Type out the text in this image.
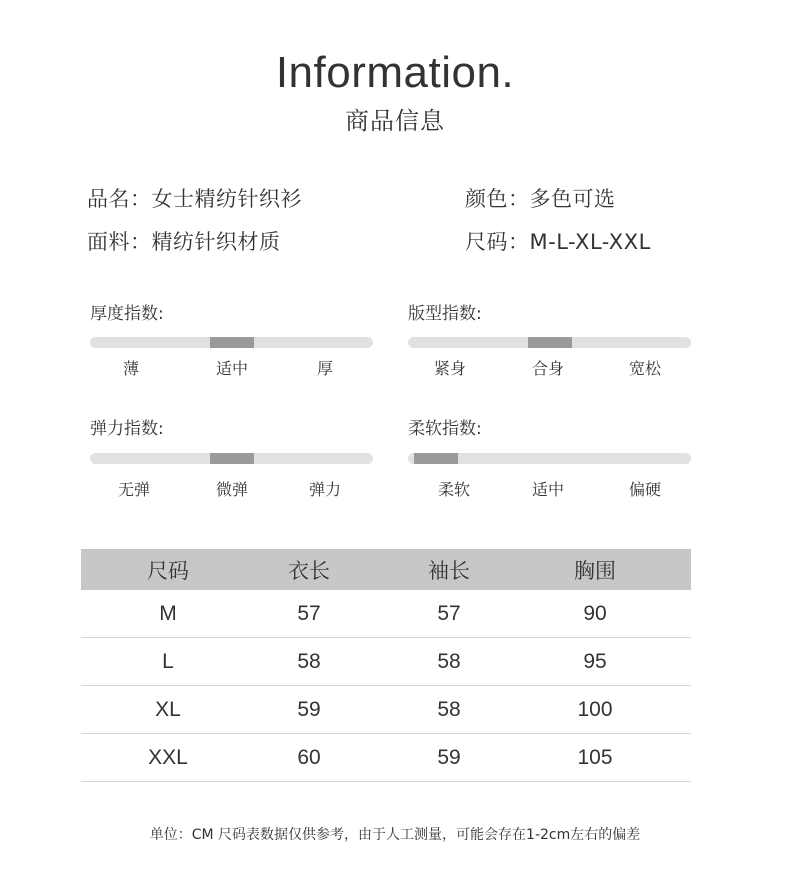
Information.
商品信息
品名：女士精纺针织衫	颜色：多色可选
面料：精纺针织材质	尺码：M-L-XL-XXL
厚度指数:
薄	适中	厚
版型指数:
紧身	合身	宽松
弹力指数:
无弹	微弹	弹力
柔软指数:
柔软	适中	偏硬
尺码	衣长	袖长	胸围
M	57	57	90
L	58	58	95
XL	59	58	100
XXL	60	59	105
单位：CM 尺码表数据仅供参考，由于人工测量，可能会存在1-2cm左右的偏差
